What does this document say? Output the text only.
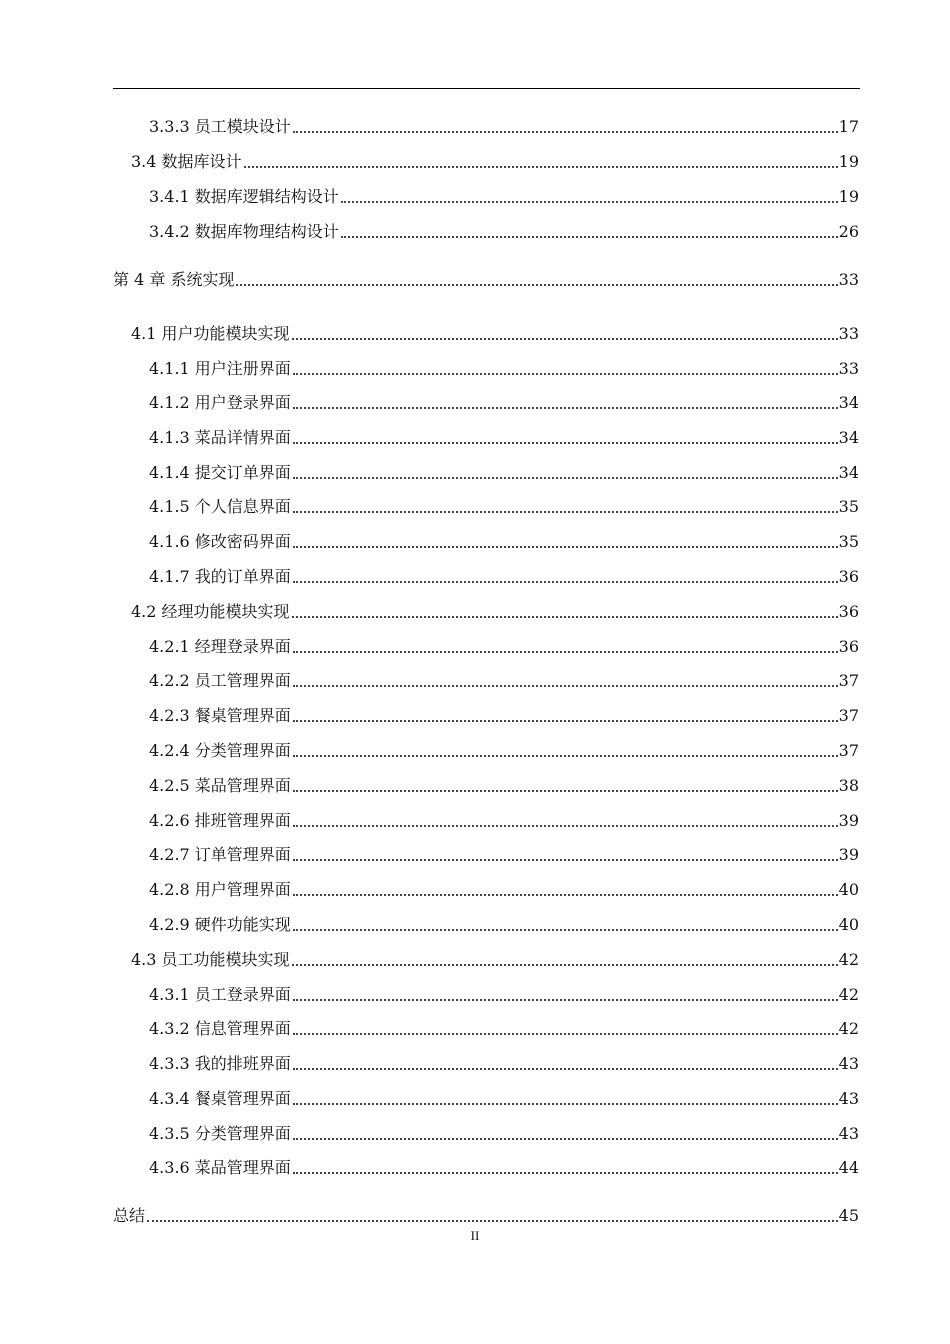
3.3.3 员工模块设计	17
3.4 数据库设计	19
3.4.1 数据库逻辑结构设计	19
3.4.2 数据库物理结构设计	26
第 4 章 系统实现	33
4.1 用户功能模块实现	33
4.1.1 用户注册界面	33
4.1.2 用户登录界面	34
4.1.3 菜品详情界面	34
4.1.4 提交订单界面	34
4.1.5 个人信息界面	35
4.1.6 修改密码界面	35
4.1.7 我的订单界面	36
4.2 经理功能模块实现	36
4.2.1 经理登录界面	36
4.2.2 员工管理界面	37
4.2.3 餐桌管理界面	37
4.2.4 分类管理界面	37
4.2.5 菜品管理界面	38
4.2.6 排班管理界面	39
4.2.7 订单管理界面	39
4.2.8 用户管理界面	40
4.2.9 硬件功能实现	40
4.3 员工功能模块实现	42
4.3.1 员工登录界面	42
4.3.2 信息管理界面	42
4.3.3 我的排班界面	43
4.3.4 餐桌管理界面	43
4.3.5 分类管理界面	43
4.3.6 菜品管理界面	44
总结	45
II
